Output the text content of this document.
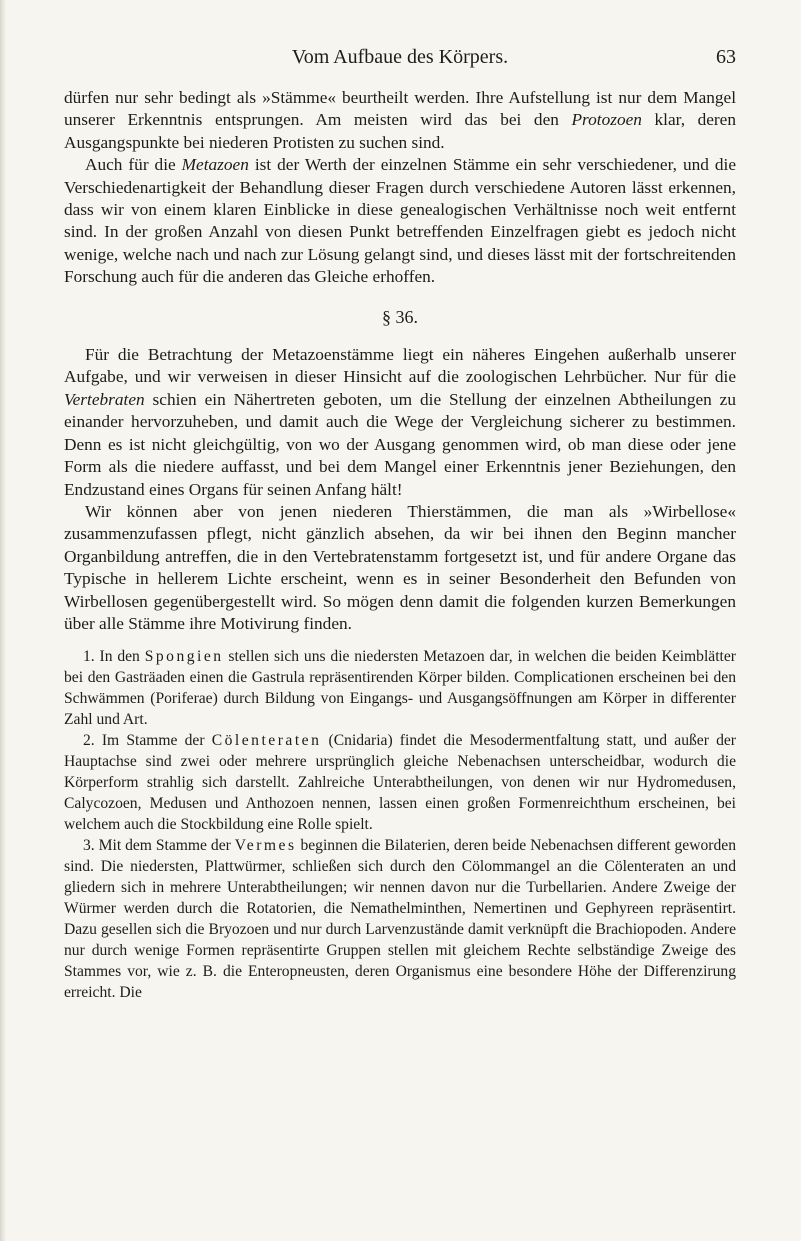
Vom Aufbaue des Körpers.	63

dürfen nur sehr bedingt als »Stämme« beurtheilt werden. Ihre Aufstellung ist nur dem Mangel unserer Erkenntnis entsprungen. Am meisten wird das bei den Protozoen klar, deren Ausgangspunkte bei niederen Protisten zu suchen sind.

Auch für die Metazoen ist der Werth der einzelnen Stämme ein sehr verschiedener, und die Verschiedenartigkeit der Behandlung dieser Fragen durch verschiedene Autoren lässt erkennen, dass wir von einem klaren Einblicke in diese genealogischen Verhältnisse noch weit entfernt sind. In der großen Anzahl von diesen Punkt betreffenden Einzelfragen giebt es jedoch nicht wenige, welche nach und nach zur Lösung gelangt sind, und dieses lässt mit der fortschreitenden Forschung auch für die anderen das Gleiche erhoffen.

§ 36.

Für die Betrachtung der Metazoenstämme liegt ein näheres Eingehen außerhalb unserer Aufgabe, und wir verweisen in dieser Hinsicht auf die zoologischen Lehrbücher. Nur für die Vertebraten schien ein Nähertreten geboten, um die Stellung der einzelnen Abtheilungen zu einander hervorzuheben, und damit auch die Wege der Vergleichung sicherer zu bestimmen. Denn es ist nicht gleichgültig, von wo der Ausgang genommen wird, ob man diese oder jene Form als die niedere auffasst, und bei dem Mangel einer Erkenntnis jener Beziehungen, den Endzustand eines Organs für seinen Anfang hält!

Wir können aber von jenen niederen Thierstämmen, die man als »Wirbellose« zusammenzufassen pflegt, nicht gänzlich absehen, da wir bei ihnen den Beginn mancher Organbildung antreffen, die in den Vertebratenstamm fortgesetzt ist, und für andere Organe das Typische in hellerem Lichte erscheint, wenn es in seiner Besonderheit den Befunden von Wirbellosen gegenübergestellt wird. So mögen denn damit die folgenden kurzen Bemerkungen über alle Stämme ihre Motivirung finden.

1. In den Spongien stellen sich uns die niedersten Metazoen dar, in welchen die beiden Keimblätter bei den Gasträaden einen die Gastrula repräsentirenden Körper bilden. Complicationen erscheinen bei den Schwämmen (Poriferae) durch Bildung von Eingangs- und Ausgangsöffnungen am Körper in differenter Zahl und Art.

2. Im Stamme der Cölenteraten (Cnidaria) findet die Mesodermentfaltung statt, und außer der Hauptachse sind zwei oder mehrere ursprünglich gleiche Nebenachsen unterscheidbar, wodurch die Körperform strahlig sich darstellt. Zahlreiche Unterabtheilungen, von denen wir nur Hydromedusen, Calycozoen, Medusen und Anthozoen nennen, lassen einen großen Formenreichthum erscheinen, bei welchem auch die Stockbildung eine Rolle spielt.

3. Mit dem Stamme der Vermes beginnen die Bilaterien, deren beide Nebenachsen different geworden sind. Die niedersten, Plattwürmer, schließen sich durch den Cölommangel an die Cölenteraten an und gliedern sich in mehrere Unterabtheilungen; wir nennen davon nur die Turbellarien. Andere Zweige der Würmer werden durch die Rotatorien, die Nemathelminthen, Nemertinen und Gephyreen repräsentirt. Dazu gesellen sich die Bryozoen und nur durch Larvenzustände damit verknüpft die Brachiopoden. Andere nur durch wenige Formen repräsentirte Gruppen stellen mit gleichem Rechte selbständige Zweige des Stammes vor, wie z. B. die Enteropneusten, deren Organismus eine besondere Höhe der Differenzirung erreicht. Die
